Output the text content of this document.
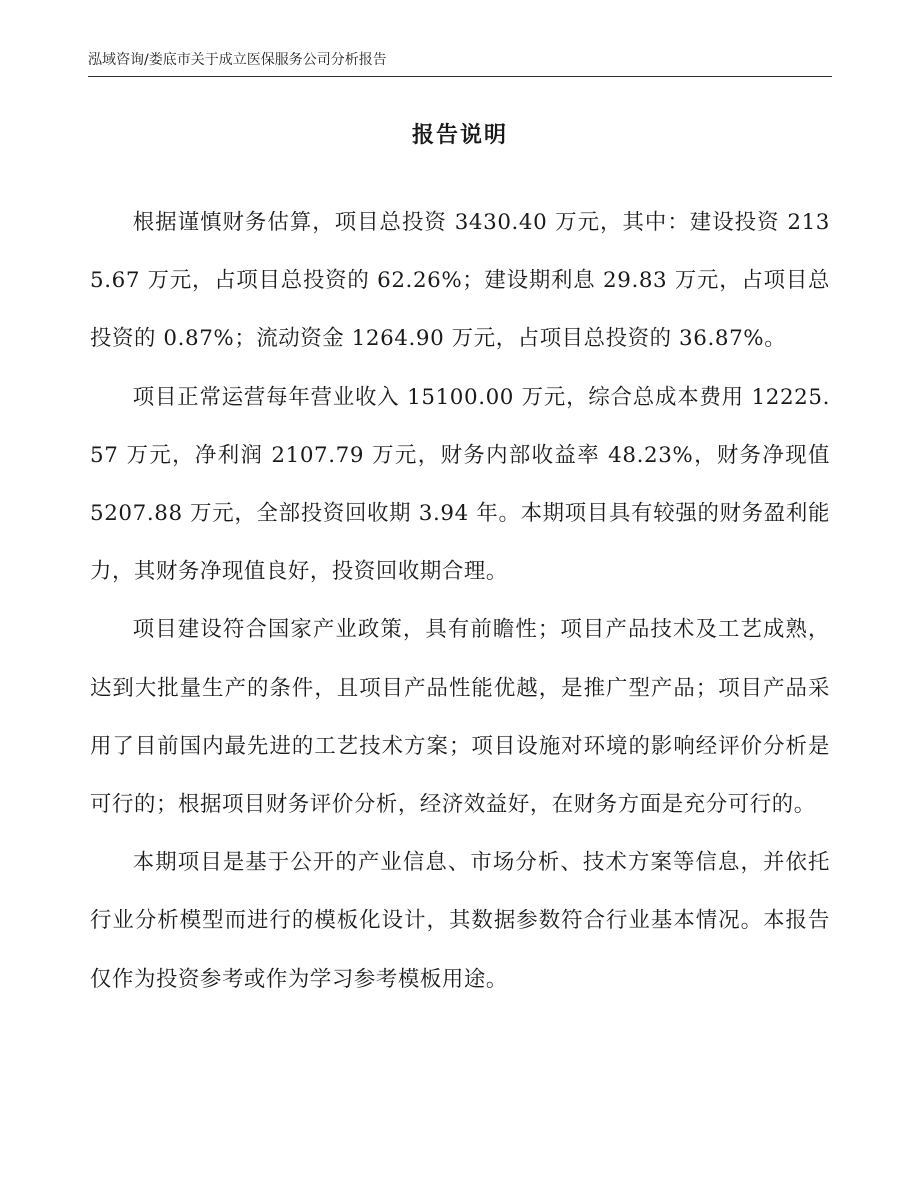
泓域咨询/娄底市关于成立医保服务公司分析报告
报告说明

根据谨慎财务估算，项目总投资 3430.40 万元，其中：建设投资 2135.67 万元，占项目总投资的 62.26%；建设期利息 29.83 万元，占项目总投资的 0.87%；流动资金 1264.90 万元，占项目总投资的 36.87%。

项目正常运营每年营业收入 15100.00 万元，综合总成本费用 12225.57 万元，净利润 2107.79 万元，财务内部收益率 48.23%，财务净现值 5207.88 万元，全部投资回收期 3.94 年。本期项目具有较强的财务盈利能力，其财务净现值良好，投资回收期合理。

项目建设符合国家产业政策，具有前瞻性；项目产品技术及工艺成熟，达到大批量生产的条件，且项目产品性能优越，是推广型产品；项目产品采用了目前国内最先进的工艺技术方案；项目设施对环境的影响经评价分析是可行的；根据项目财务评价分析，经济效益好，在财务方面是充分可行的。

本期项目是基于公开的产业信息、市场分析、技术方案等信息，并依托行业分析模型而进行的模板化设计，其数据参数符合行业基本情况。本报告仅作为投资参考或作为学习参考模板用途。
